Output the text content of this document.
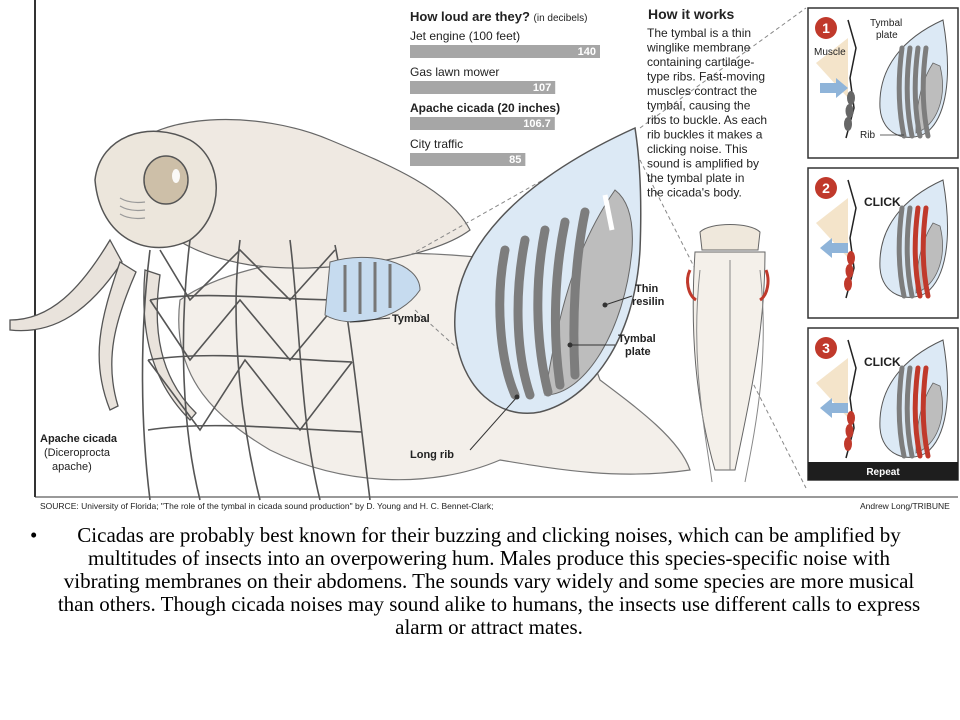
Tymbal
Thin
resilin
Tymbal
plate
Long rib
Apache cicada
(Diceroprocta
apache)
How loud are they? (in decibels)
Jet engine (100 feet)
140
Gas lawn mower
107
Apache cicada (20 inches)
106.7
City traffic
85
How it works
The tymbal is a thin
winglike membrane
containing cartilage-
type ribs. Fast-moving
muscles contract the
tymbal, causing the
ribs to buckle. As each
rib buckles it makes a
clicking noise. This
sound is amplified by
the tymbal plate in
the cicada's body.
1
Muscle
Tymbal
plate
Rib
2
CLICK
3
CLICK
Repeat
SOURCE: University of Florida; "The role of the tymbal in cicada sound production" by D. Young and H. C. Bennet-Clark;	Andrew Long/TRIBUNE
•	Cicadas are probably best known for their buzzing and clicking noises, which can be amplified by multitudes of insects into an overpowering hum. Males produce this species-specific noise with vibrating membranes on their abdomens. The sounds vary widely and some species are more musical than others. Though cicada noises may sound alike to humans, the insects use different calls to express alarm or attract mates.
